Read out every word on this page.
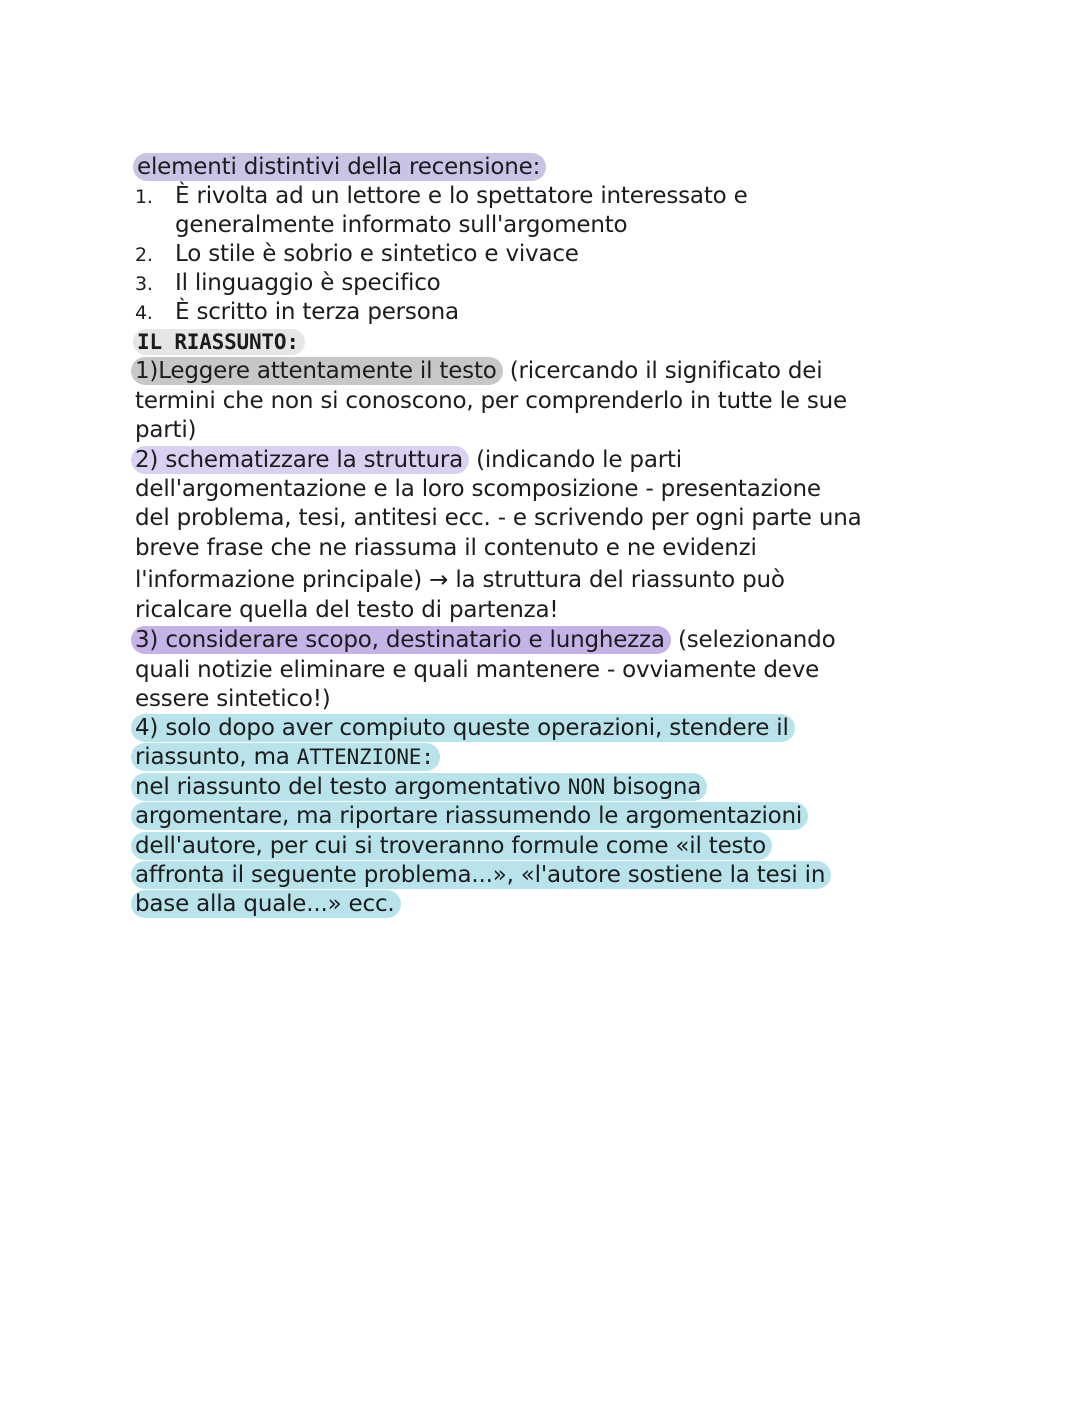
elementi distintivi della recensione:
1. È rivolta ad un lettore e lo spettatore interessato e
generalmente informato sull'argomento
2. Lo stile è sobrio e sintetico e vivace
3. Il linguaggio è specifico
4. È scritto in terza persona
IL RIASSUNTO:
1)Leggere attentamente il testo (ricercando il significato dei
termini che non si conoscono, per comprenderlo in tutte le sue
parti)
2) schematizzare la struttura (indicando le parti
dell'argomentazione e la loro scomposizione - presentazione
del problema, tesi, antitesi ecc. - e scrivendo per ogni parte una
breve frase che ne riassuma il contenuto e ne evidenzi
l'informazione principale) → la struttura del riassunto può
ricalcare quella del testo di partenza!
3) considerare scopo, destinatario e lunghezza (selezionando
quali notizie eliminare e quali mantenere - ovviamente deve
essere sintetico!)
4) solo dopo aver compiuto queste operazioni, stendere il
riassunto, ma ATTENZIONE:
nel riassunto del testo argomentativo NON bisogna
argomentare, ma riportare riassumendo le argomentazioni
dell'autore, per cui si troveranno formule come «il testo
affronta il seguente problema...», «l'autore sostiene la tesi in
base alla quale...» ecc.
